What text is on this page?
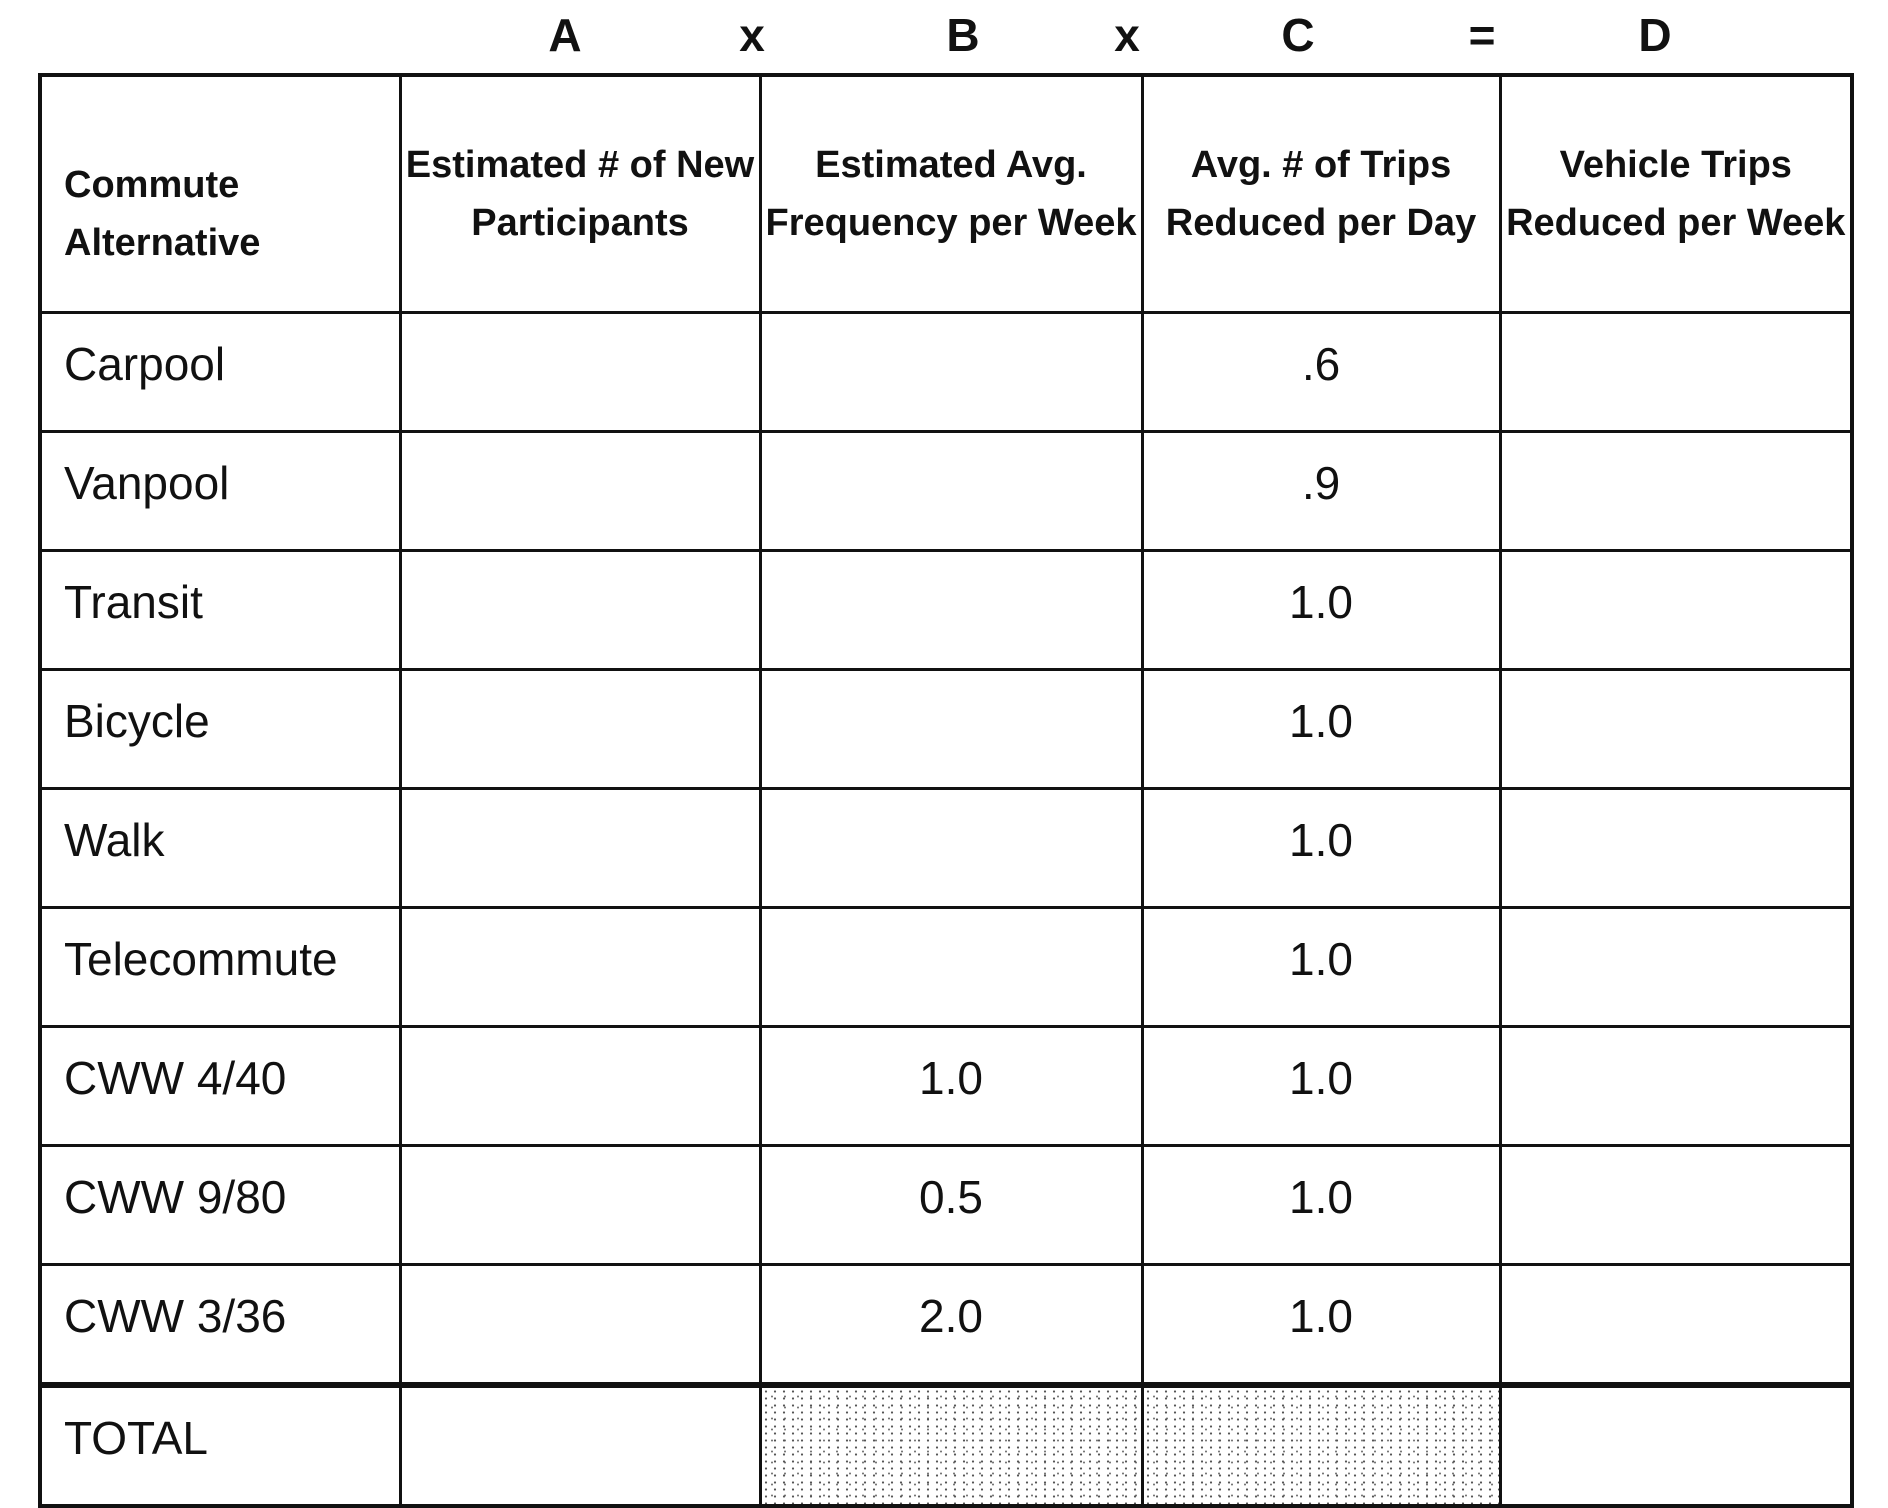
A	x	B	x	C	=	D
Commute Alternative	Estimated # of New Participants	Estimated Avg. Frequency per Week	Avg. # of Trips Reduced per Day	Vehicle Trips Reduced per Week
Carpool			.6	
Vanpool			.9	
Transit			1.0	
Bicycle			1.0	
Walk			1.0	
Telecommute			1.0	
CWW 4/40		1.0	1.0	
CWW 9/80		0.5	1.0	
CWW 3/36		2.0	1.0	
TOTAL				
